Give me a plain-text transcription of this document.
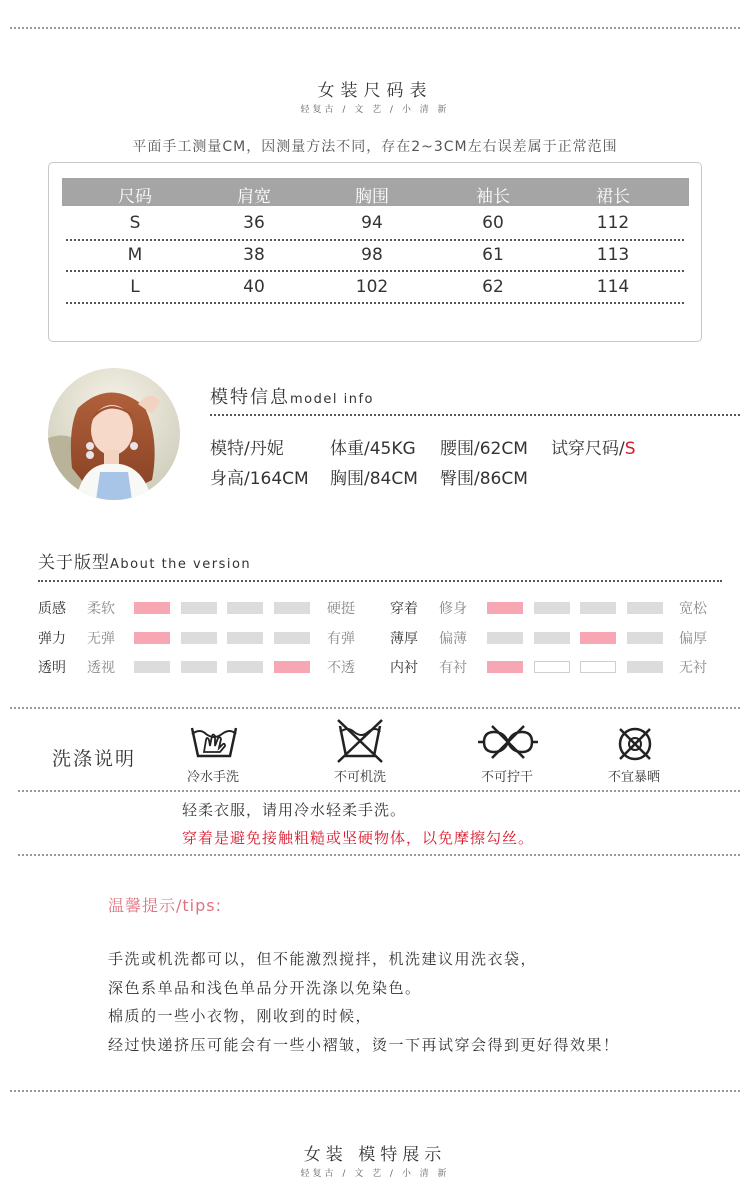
女装尺码表
轻复古 / 文 艺 / 小 清 新
平面手工测量CM，因测量方法不同，存在2~3CM左右误差属于正常范围
尺码	肩宽	胸围	袖长	裙长
S	36	94	60	112
M	38	98	61	113
L	40	102	62	114
模特信息model info
模特/丹妮	体重/45KG 腰围/62CM 试穿尺码/S
身高/164CM 胸围/84CM 臀围/86CM
关于版型About the version
质感 柔软	硬挺
弹力 无弹	有弹
透明 透视	不透
穿着 修身	宽松
薄厚 偏薄	偏厚
内衬 有衬	无衬
洗涤说明
冷水手洗	不可机洗	不可拧干	不宜暴晒
轻柔衣服，请用冷水轻柔手洗。
穿着是避免接触粗糙或坚硬物体，以免摩擦勾丝。
温馨提示/tips:
手洗或机洗都可以，但不能激烈搅拌，机洗建议用洗衣袋，
深色系单品和浅色单品分开洗涤以免染色。
棉质的一些小衣物，刚收到的时候，
经过快递挤压可能会有一些小褶皱，烫一下再试穿会得到更好得效果！
女装 模特展示
轻复古 / 文 艺 / 小 清 新
